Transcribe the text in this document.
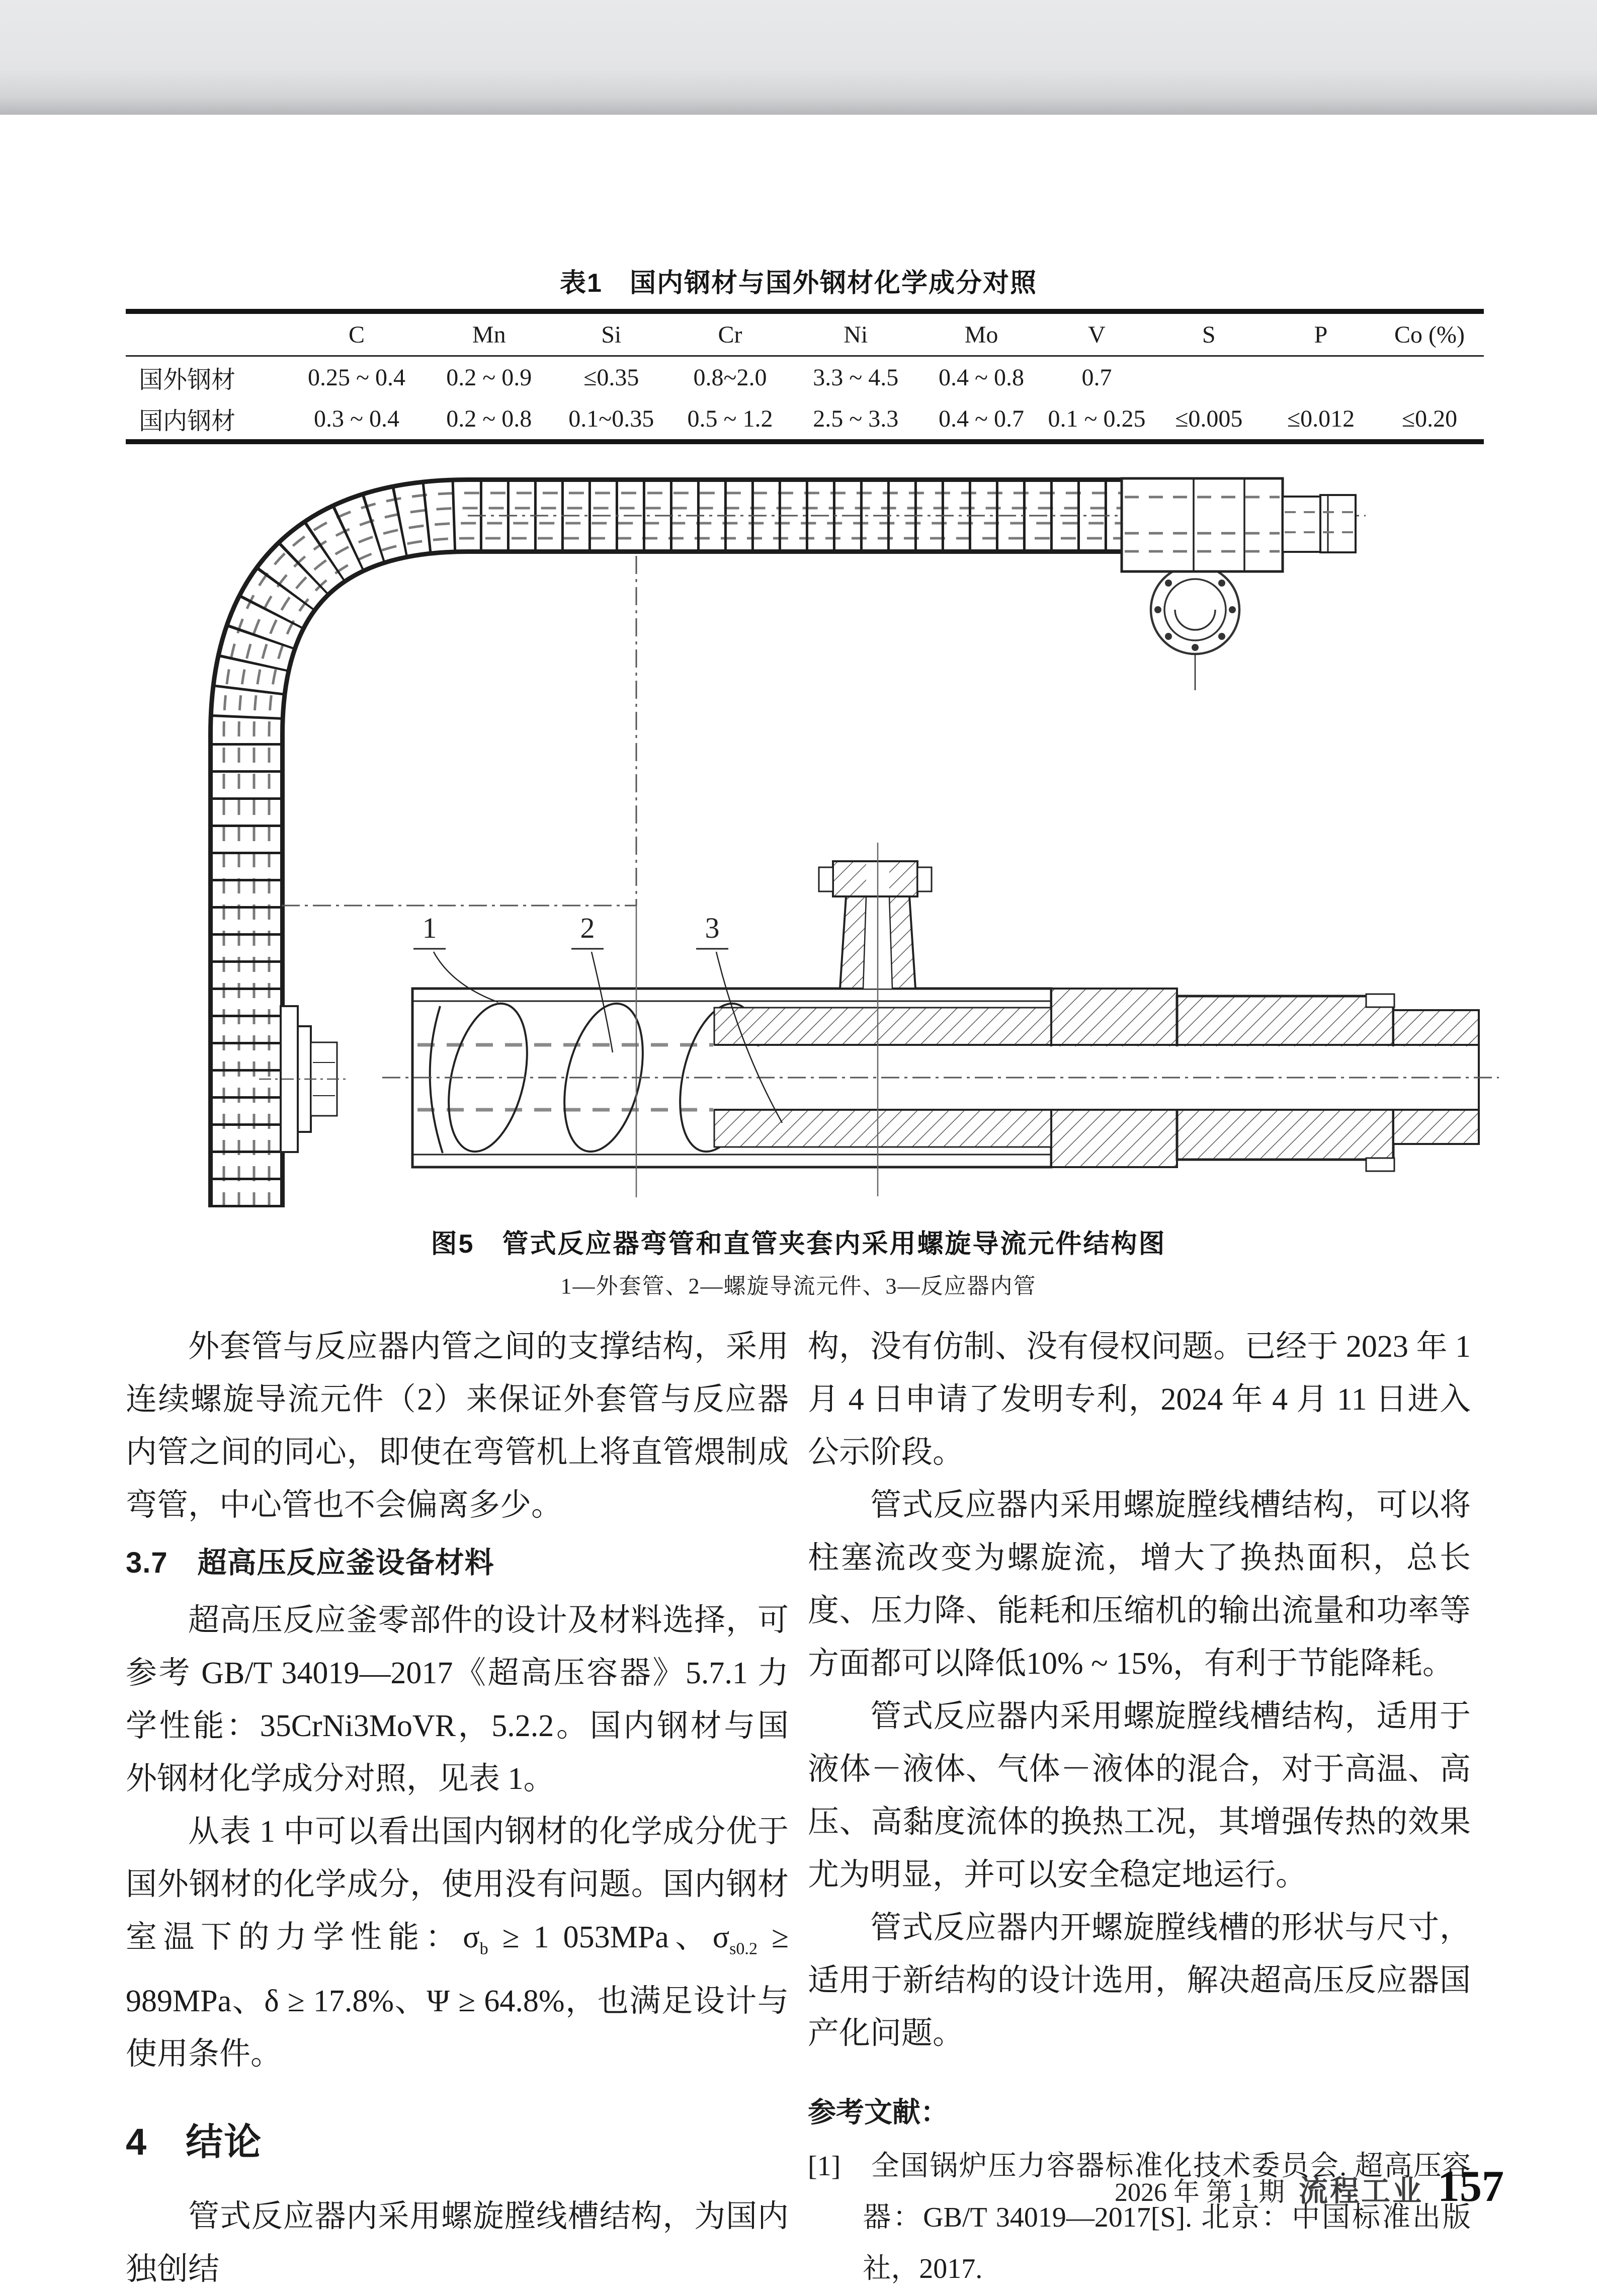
表1　国内钢材与国外钢材化学成分对照
	C	Mn	Si	Cr	Ni	Mo	V	S	P	Co (%)
国外钢材	0.25 ~ 0.4	0.2 ~ 0.9	≤0.35	0.8~2.0	3.3 ~ 4.5	0.4 ~ 0.8	0.7			
国内钢材	0.3 ~ 0.4	0.2 ~ 0.8	0.1~0.35	0.5 ~ 1.2	2.5 ~ 3.3	0.4 ~ 0.7	0.1 ~ 0.25	≤0.005	≤0.012	≤0.20
1	2	3
图5　管式反应器弯管和直管夹套内采用螺旋导流元件结构图
1—外套管、2—螺旋导流元件、3—反应器内管

外套管与反应器内管之间的支撑结构，采用连续螺旋导流元件（2）来保证外套管与反应器内管之间的同心，即使在弯管机上将直管煨制成弯管，中心管也不会偏离多少。

3.7　超高压反应釜设备材料

超高压反应釜零部件的设计及材料选择，可参考 GB/T 34019—2017《超高压容器》5.7.1 力学性能：35CrNi3MoVR，5.2.2。国内钢材与国外钢材化学成分对照，见表 1。

从表 1 中可以看出国内钢材的化学成分优于国外钢材的化学成分，使用没有问题。国内钢材室温下的力学性能：$\sigma_b \ge 1$ 053MPa、$\sigma_{s0.2} \ge 989MPa$、δ ≥ 17.8%、Ψ ≥ 64.8%，也满足设计与使用条件。

4　结论

管式反应器内采用螺旋膛线槽结构，为国内独创结

构，没有仿制、没有侵权问题。已经于 2023 年 1 月 4 日申请了发明专利，2024 年 4 月 11 日进入公示阶段。

管式反应器内采用螺旋膛线槽结构，可以将柱塞流改变为螺旋流，增大了换热面积，总长度、压力降、能耗和压缩机的输出流量和功率等方面都可以降低10% ~ 15%，有利于节能降耗。

管式反应器内采用螺旋膛线槽结构，适用于液体－液体、气体－液体的混合，对于高温、高压、高黏度流体的换热工况，其增强传热的效果尤为明显，并可以安全稳定地运行。

管式反应器内开螺旋膛线槽的形状与尺寸，适用于新结构的设计选用，解决超高压反应器国产化问题。

参考文献：

[1]　全国锅炉压力容器标准化技术委员会. 超高压容器：GB/T 34019—2017[S]. 北京：中国标准出版社，2017.

2026 年 第 1 期 流程工业 157
